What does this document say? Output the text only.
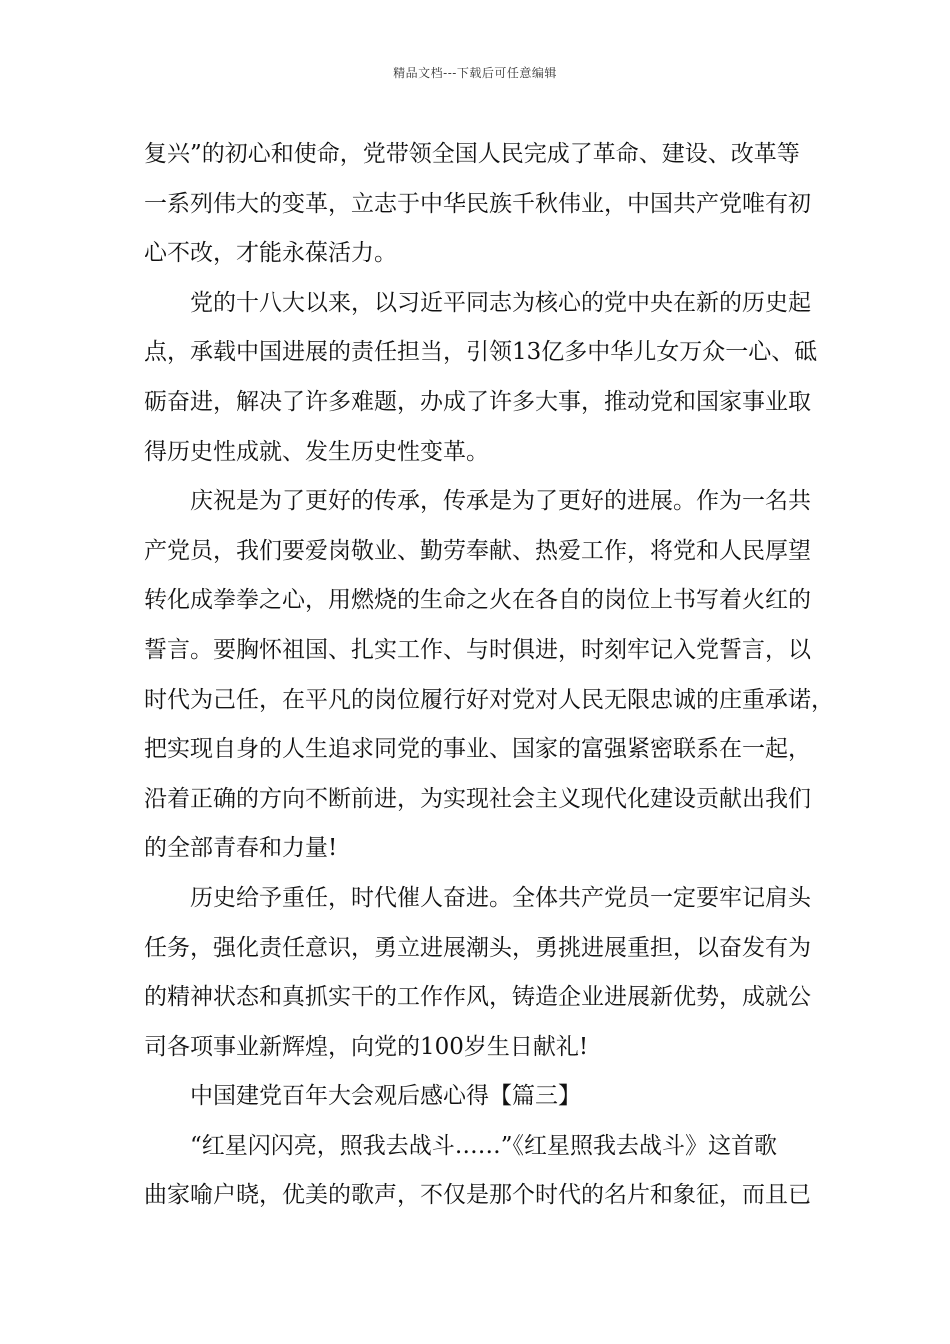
精品文档---下载后可任意编辑
复兴”的初心和使命，党带领全国人民完成了革命、建设、改革等
一系列伟大的变革，立志于中华民族千秋伟业，中国共产党唯有初
心不改，才能永葆活力。
党的十八大以来，以习近平同志为核心的党中央在新的历史起
点，承载中国进展的责任担当，引领13亿多中华儿女万众一心、砥
砺奋进，解决了许多难题，办成了许多大事，推动党和国家事业取
得历史性成就、发生历史性变革。
庆祝是为了更好的传承，传承是为了更好的进展。作为一名共
产党员，我们要爱岗敬业、勤劳奉献、热爱工作，将党和人民厚望
转化成拳拳之心，用燃烧的生命之火在各自的岗位上书写着火红的
誓言。要胸怀祖国、扎实工作、与时俱进，时刻牢记入党誓言，以
时代为己任，在平凡的岗位履行好对党对人民无限忠诚的庄重承诺，
把实现自身的人生追求同党的事业、国家的富强紧密联系在一起，
沿着正确的方向不断前进，为实现社会主义现代化建设贡献出我们
的全部青春和力量!
历史给予重任，时代催人奋进。全体共产党员一定要牢记肩头
任务，强化责任意识，勇立进展潮头，勇挑进展重担，以奋发有为
的精神状态和真抓实干的工作作风，铸造企业进展新优势，成就公
司各项事业新辉煌，向党的100岁生日献礼!
中国建党百年大会观后感心得【篇三】
“红星闪闪亮，照我去战斗……”《红星照我去战斗》这首歌
曲家喻户晓，优美的歌声，不仅是那个时代的名片和象征，而且已
